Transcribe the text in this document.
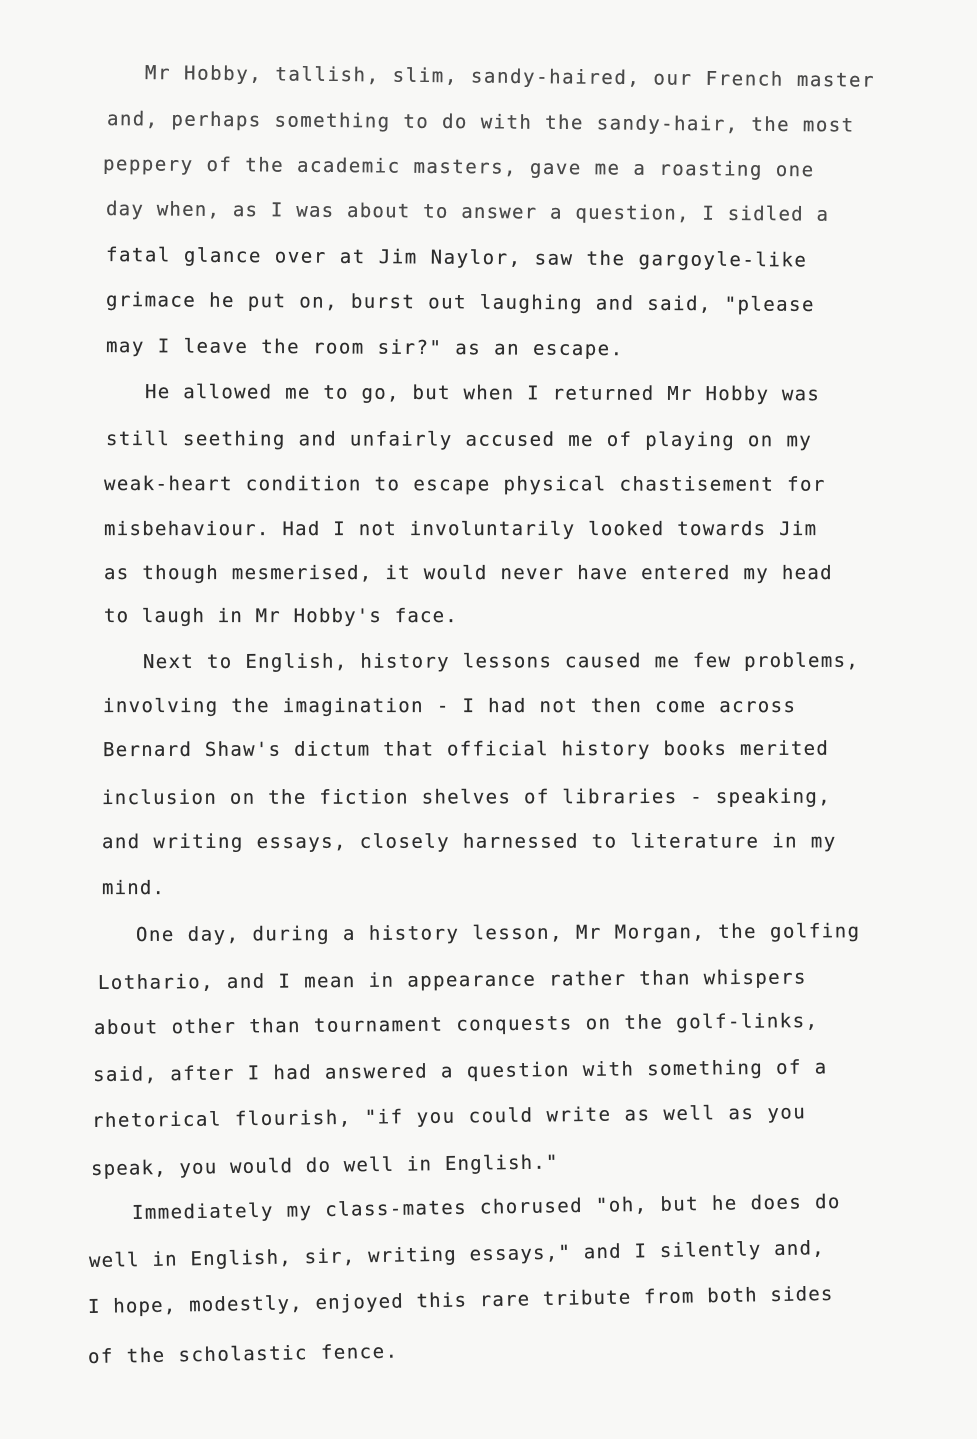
Mr Hobby, tallish, slim, sandy-haired, our French master
and, perhaps something to do with the sandy-hair, the most
peppery of the academic masters, gave me a roasting one
day when, as I was about to answer a question, I sidled a
fatal glance over at Jim Naylor, saw the gargoyle-like
grimace he put on, burst out laughing and said, "please
may I leave the room sir?" as an escape.
He allowed me to go, but when I returned Mr Hobby was
still seething and unfairly accused me of playing on my
weak-heart condition to escape physical chastisement for
misbehaviour. Had I not involuntarily looked towards Jim
as though mesmerised, it would never have entered my head
to laugh in Mr Hobby's face.
Next to English, history lessons caused me few problems,
involving the imagination - I had not then come across
Bernard Shaw's dictum that official history books merited
inclusion on the fiction shelves of libraries - speaking,
and writing essays, closely harnessed to literature in my
mind.
One day, during a history lesson, Mr Morgan, the golfing
Lothario, and I mean in appearance rather than whispers
about other than tournament conquests on the golf-links,
said, after I had answered a question with something of a
rhetorical flourish, "if you could write as well as you
speak, you would do well in English."
Immediately my class-mates chorused "oh, but he does do
well in English, sir, writing essays," and I silently and,
I hope, modestly, enjoyed this rare tribute from both sides
of the scholastic fence.
